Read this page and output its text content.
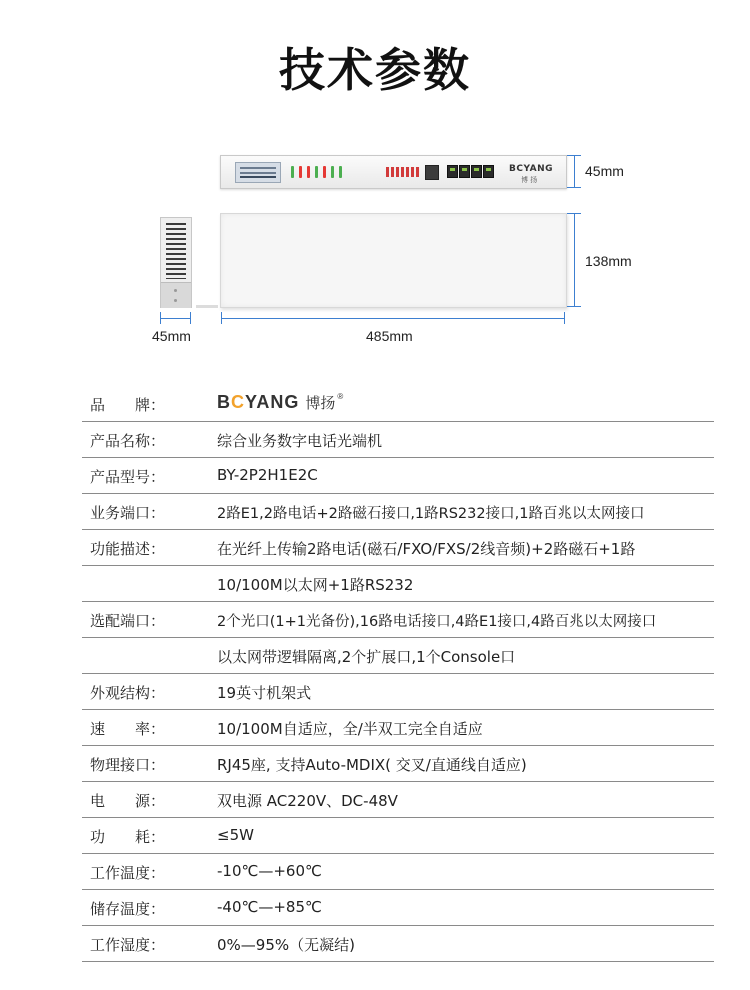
技术参数
BCYANG
博 扬
45mm
138mm
45mm	485mm
品　　牌：	BCYANG 博扬 ®
产品名称：	综合业务数字电话光端机
产品型号：	BY-2P2H1E2C
业务端口：	2路E1,2路电话+2路磁石接口,1路RS232接口,1路百兆以太网接口
功能描述：	在光纤上传输2路电话(磁石/FXO/FXS/2线音频)+2路磁石+1路
10/100M以太网+1路RS232
选配端口：	2个光口(1+1光备份),16路电话接口,4路E1接口,4路百兆以太网接口
以太网带逻辑隔离,2个扩展口,1个Console口
外观结构：	19英寸机架式
速　　率：	10/100M自适应，全/半双工完全自适应
物理接口：	RJ45座, 支持Auto-MDIX( 交叉/直通线自适应)
电　　源：	双电源 AC220V、DC-48V
功　　耗：	≤5W
工作温度：	-10℃—+60℃
储存温度：	-40℃—+85℃
工作湿度：	0%—95%（无凝结)
